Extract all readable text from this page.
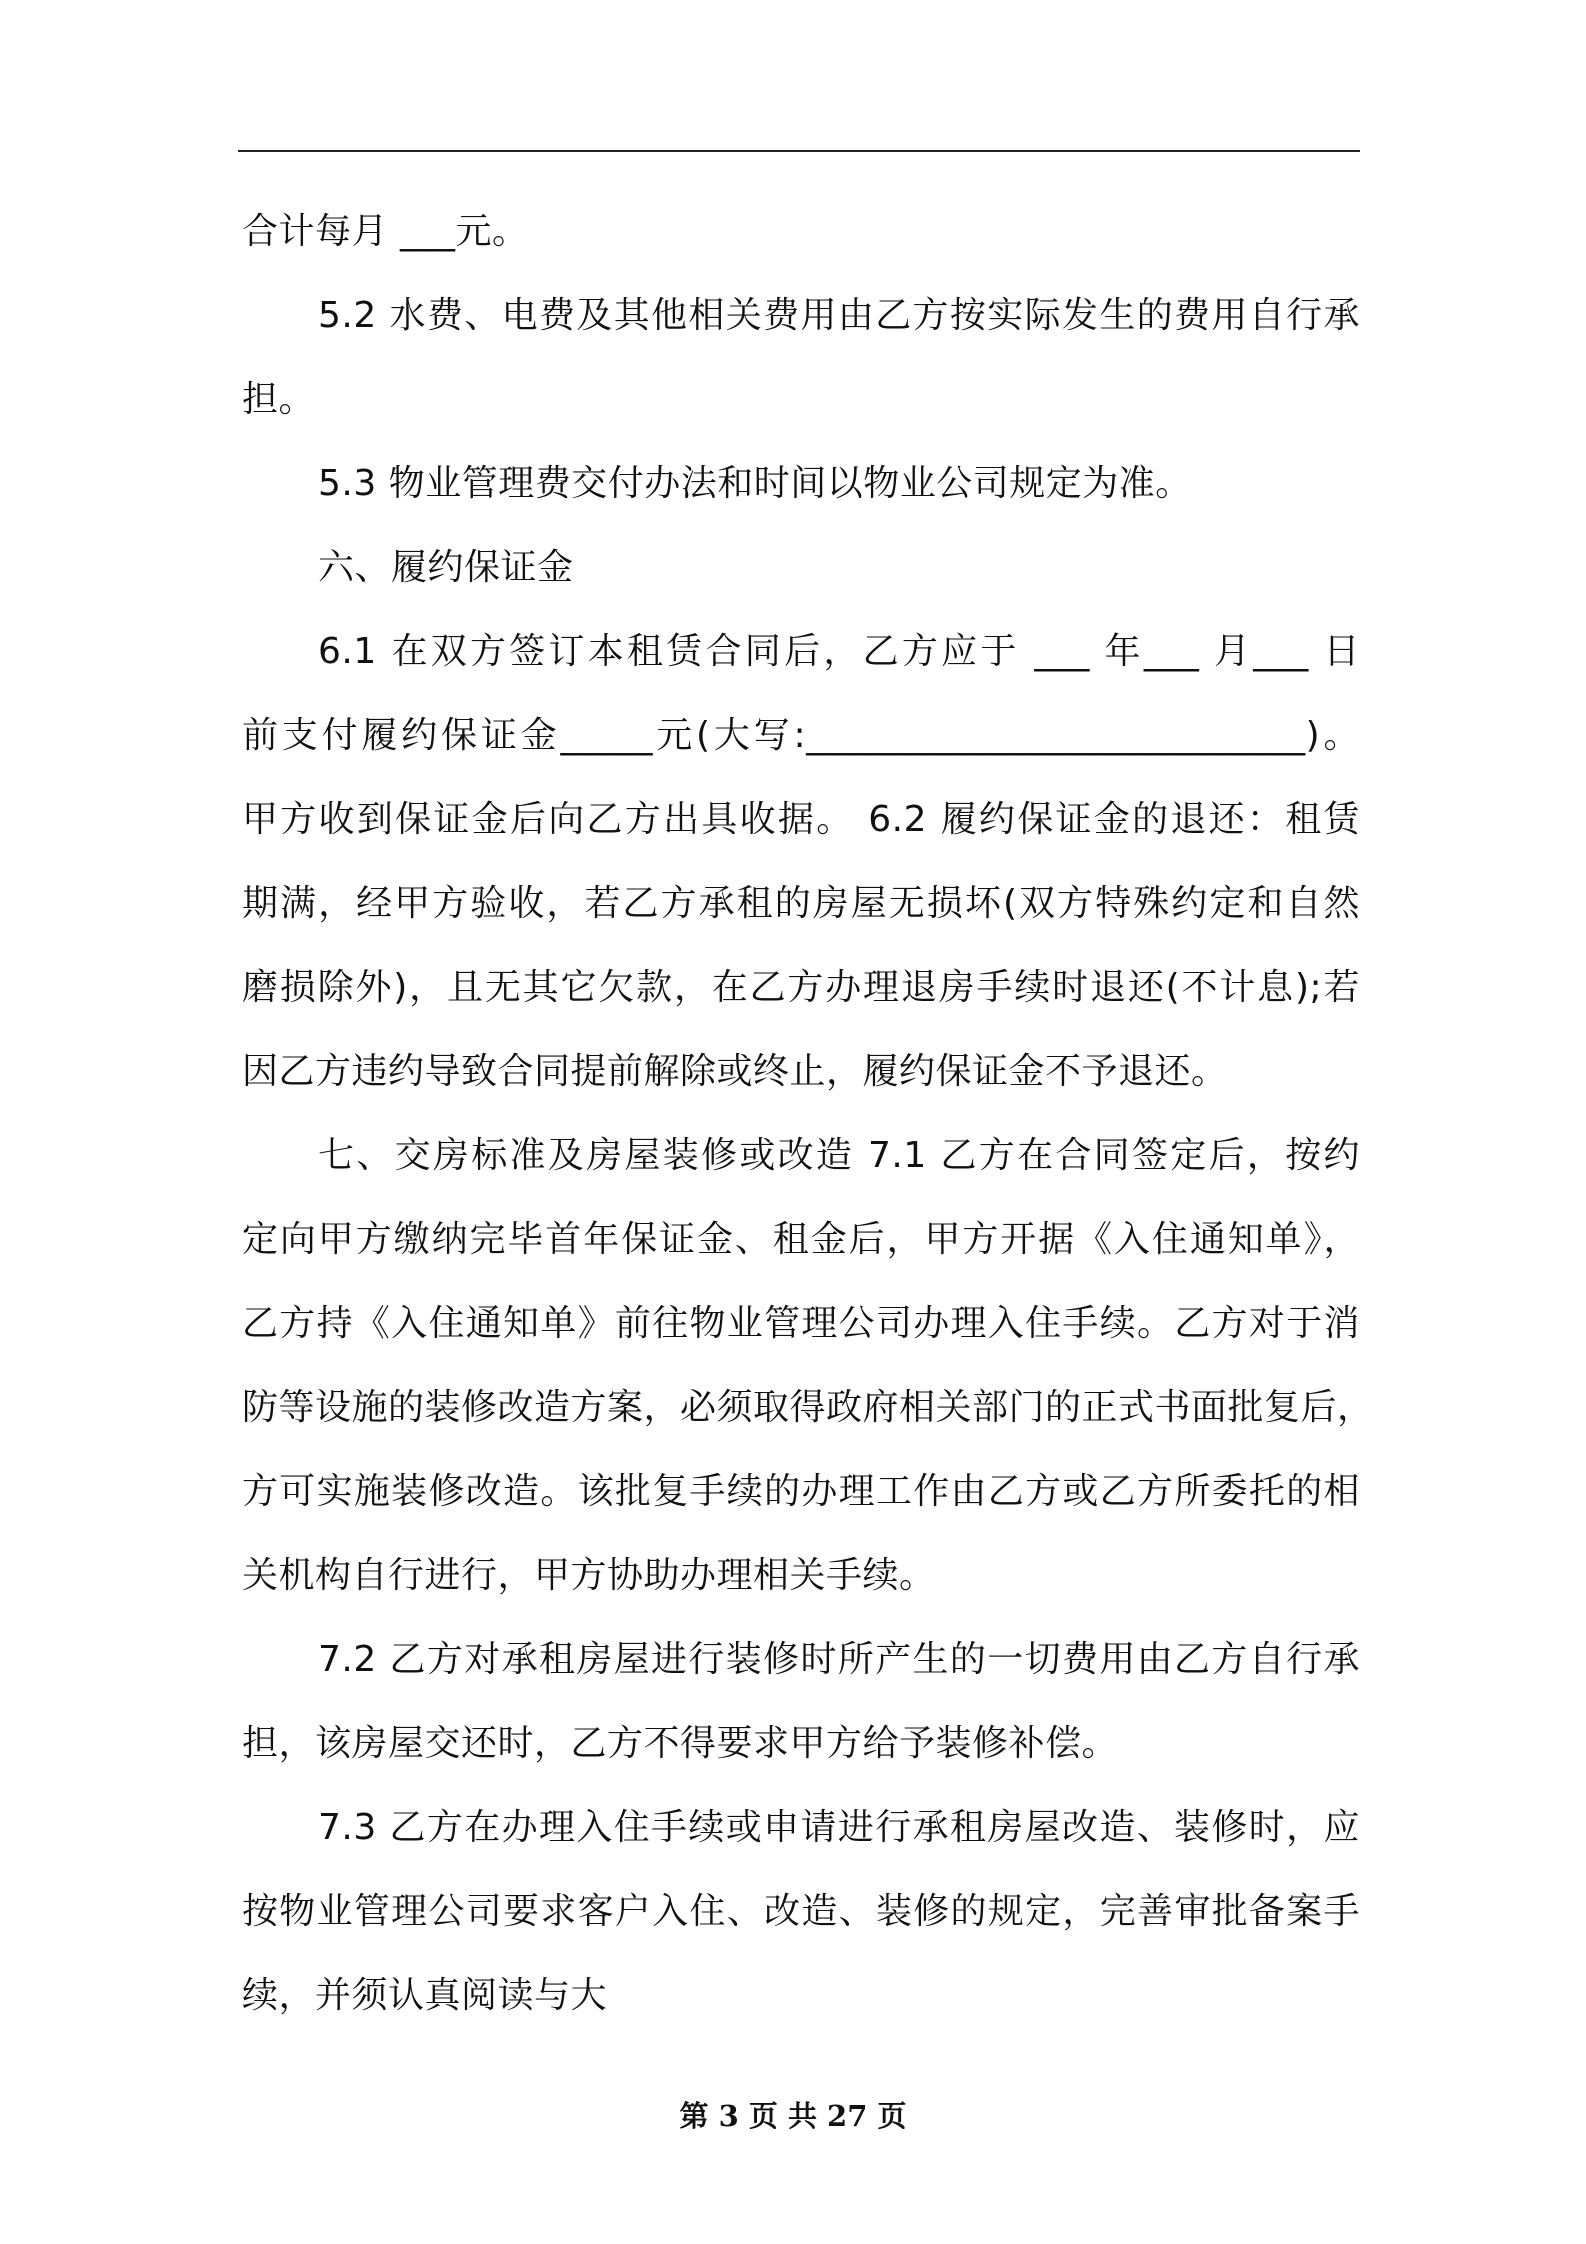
合计每月 ___元。
5.2 水费、电费及其他相关费用由乙方按实际发生的费用自行承
担。
5.3 物业管理费交付办法和时间以物业公司规定为准。
六、履约保证金
6.1 在双方签订本租赁合同后，乙方应于 ___ 年___ 月___ 日
前支付履约保证金_____元(大写:___________________________)。
甲方收到保证金后向乙方出具收据。 6.2 履约保证金的退还：租赁
期满，经甲方验收，若乙方承租的房屋无损坏(双方特殊约定和自然
磨损除外)，且无其它欠款，在乙方办理退房手续时退还(不计息);若
因乙方违约导致合同提前解除或终止，履约保证金不予退还。
七、交房标准及房屋装修或改造 7.1 乙方在合同签定后，按约
定向甲方缴纳完毕首年保证金、租金后，甲方开据《入住通知单》，
乙方持《入住通知单》前往物业管理公司办理入住手续。乙方对于消
防等设施的装修改造方案，必须取得政府相关部门的正式书面批复后，
方可实施装修改造。该批复手续的办理工作由乙方或乙方所委托的相
关机构自行进行，甲方协助办理相关手续。
7.2 乙方对承租房屋进行装修时所产生的一切费用由乙方自行承
担，该房屋交还时，乙方不得要求甲方给予装修补偿。
7.3 乙方在办理入住手续或申请进行承租房屋改造、装修时，应
按物业管理公司要求客户入住、改造、装修的规定，完善审批备案手
续，并须认真阅读与大
第 3 页 共 27 页
